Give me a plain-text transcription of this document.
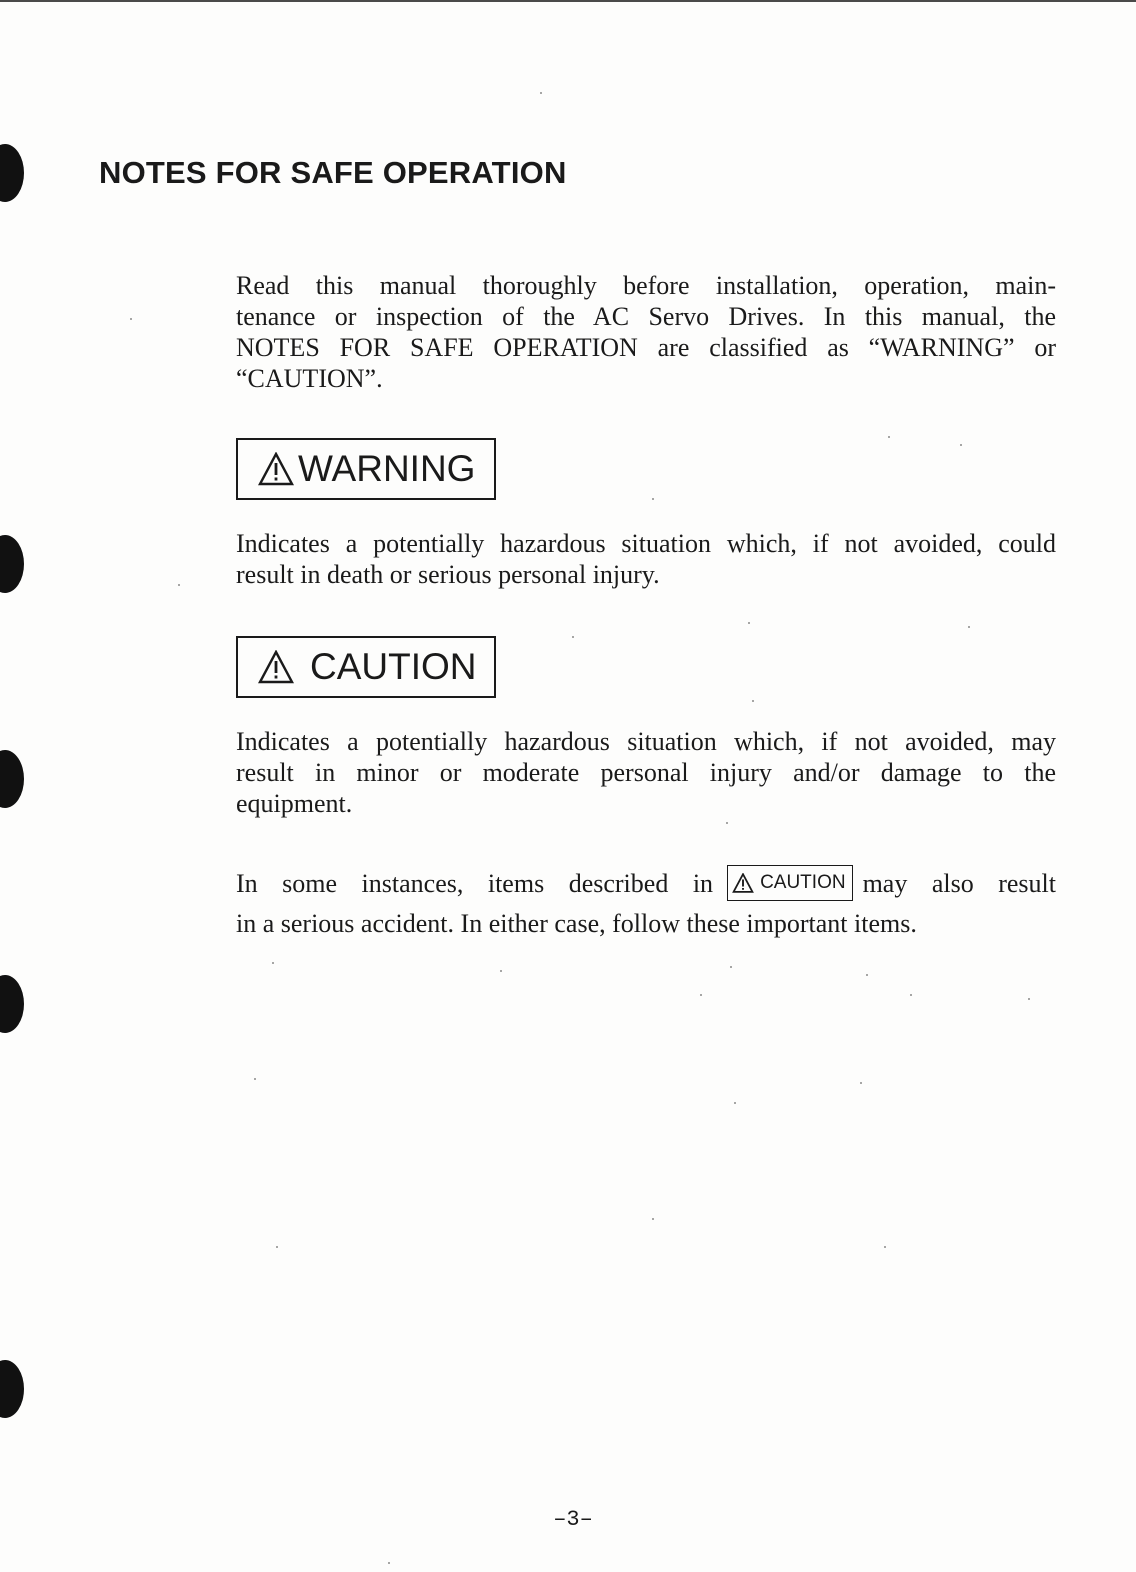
NOTES FOR SAFE OPERATION
Read this manual thoroughly before installation, operation, main-
tenance or inspection of the AC Servo Drives. In this manual, the
NOTES FOR SAFE OPERATION are classified as “WARNING” or
“CAUTION”.
WARNING
Indicates a potentially hazardous situation which, if not avoided, could
result in death or serious personal injury.
CAUTION
Indicates a potentially hazardous situation which, if not avoided, may
result in minor or moderate personal injury and/or damage to the
equipment.
In some instances, items described in CAUTION may also result
in a serious accident. In either case, follow these important items.
–3–
